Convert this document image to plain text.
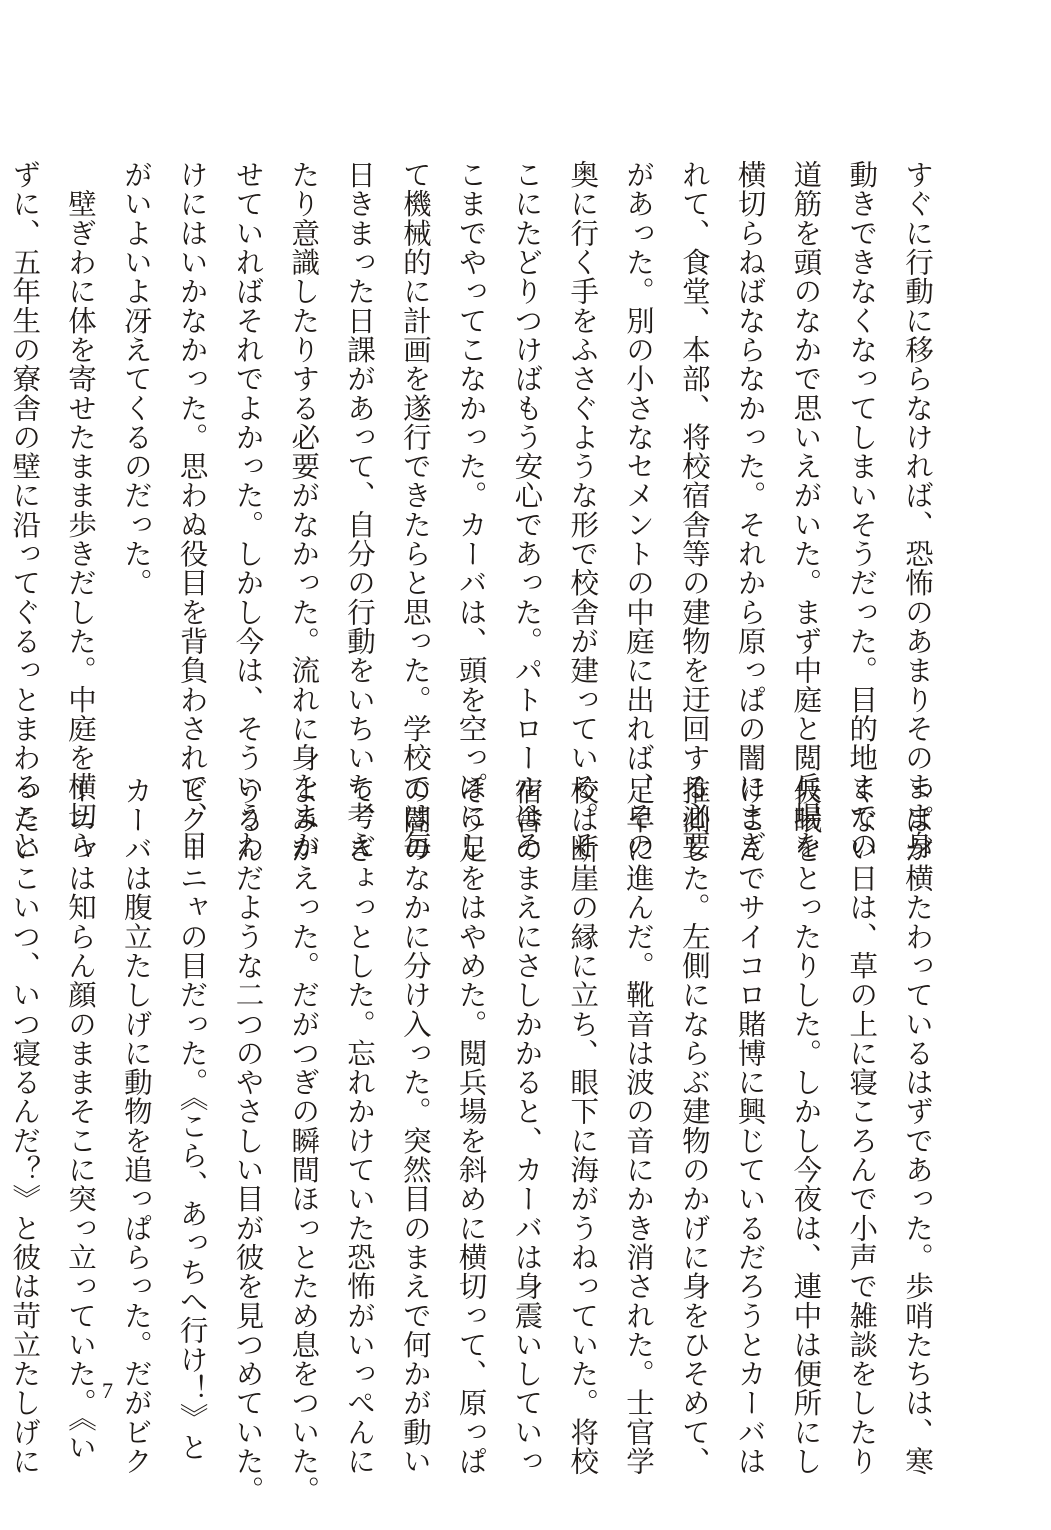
すぐに行動に移らなければ、恐怖のあまりそのまま身
動きできなくなってしまいそうだった。目的地までの
道筋を頭のなかで思いえがいた。まず中庭と閲兵場を
横切らねばならなかった。それから原っぱの闇にまぎ
れて、食堂、本部、将校宿舎等の建物を迂回する必要
があった。別の小さなセメントの中庭に出れば、その
奥に行く手をふさぐような形で校舎が建っている。そ
こにたどりつけばもう安心であった。パトロールはそ
こまでやってこなかった。カーバは、頭を空っぽにし
て機械的に計画を遂行できたらと思った。学校では毎
日きまった日課があって、自分の行動をいちいち考え
たり意識したりする必要がなかった。流れに身をまか
せていればそれでよかった。しかし今は、そういうわ
けにはいかなかった。思わぬ役目を背負わされて、目
がいよいよ冴えてくるのだった。
　壁ぎわに体を寄せたまま歩きだした。中庭を横切ら
ずに、五年生の寮舎の壁に沿ってぐるっとまわること
っぱが横たわっているはずであった。歩哨たちは、寒
くない日は、草の上に寝ころんで小声で雑談をしたり
仮眠をとったりした。しかし今夜は、連中は便所にし
けこんでサイコロ賭博に興じているだろうとカーバは
推測した。左側にならぶ建物のかげに身をひそめて、
足早に進んだ。靴音は波の音にかき消された。士官学
校は断崖の縁に立ち、眼下に海がうねっていた。将校
宿舎のまえにさしかかると、カーバは身震いしていっ
そう足をはやめた。閲兵場を斜めに横切って、原っぱ
の闇のなかに分け入った。突然目のまえで何かが動い
て、ぎょっとした。忘れかけていた恐怖がいっぺんに
よみがえった。だがつぎの瞬間ほっとため息をついた。
うるんだような二つのやさしい目が彼を見つめていた。
ビクーニャの目だった。《こら、あっちへ行け！》と
カーバは腹立たしげに動物を追っぱらった。だがビク
ーニャは知らん顔のままそこに突っ立っていた。《い
ったいこいつ、いつ寝るんだ？》と彼は苛立たしげに	7
